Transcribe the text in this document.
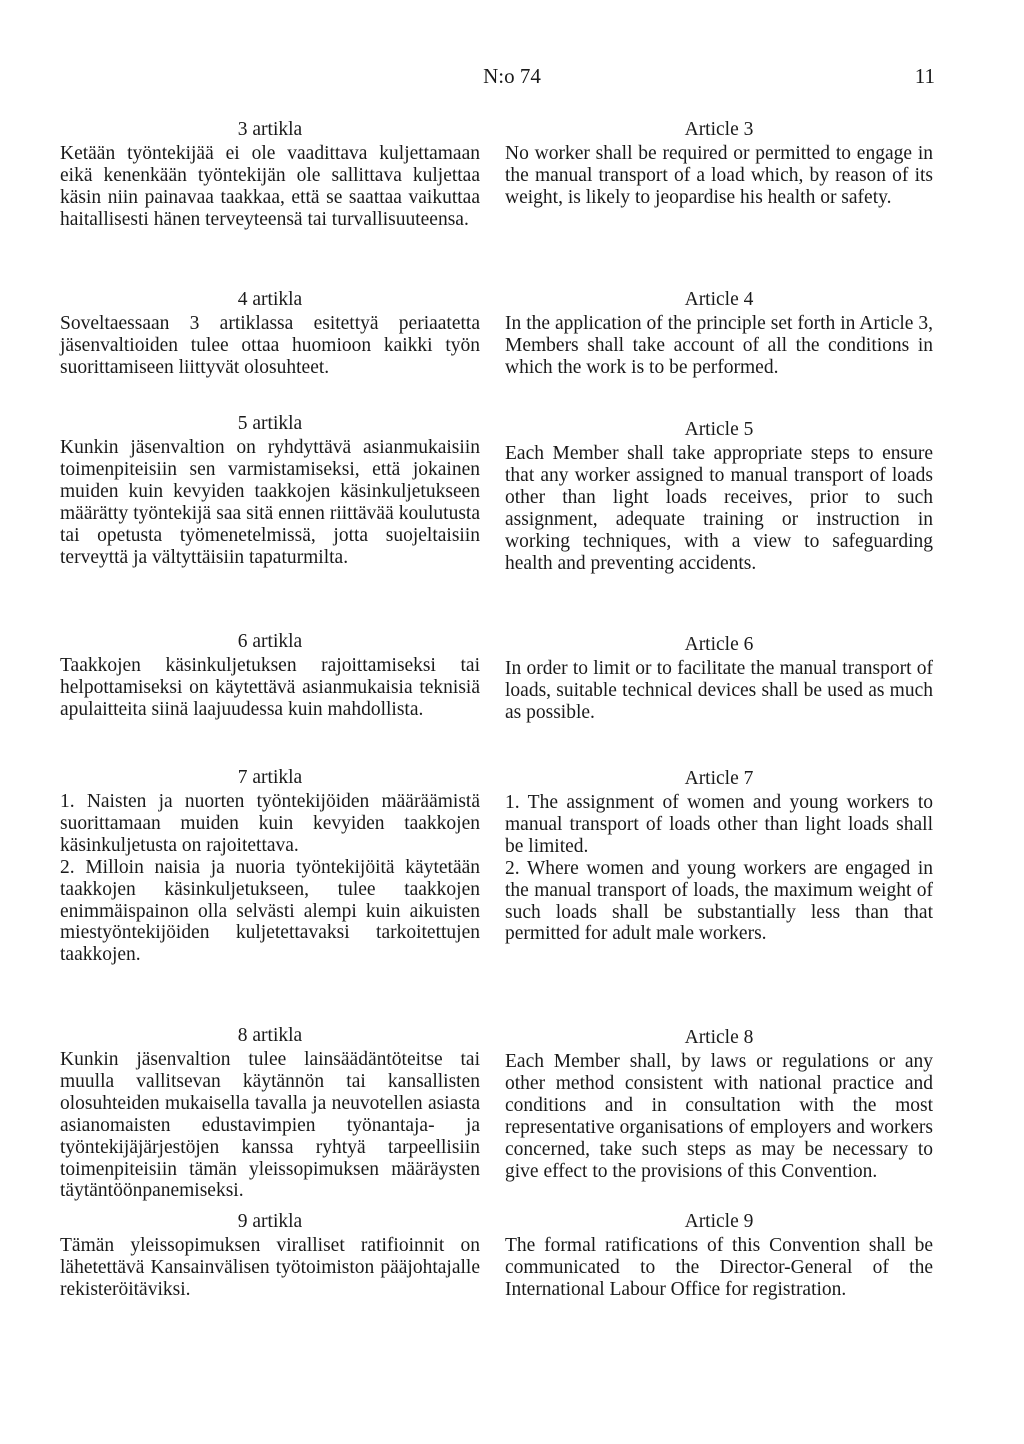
N:o 74	11
3 artikla

Ketään työntekijää ei ole vaadittava kuljettamaan eikä kenenkään työntekijän ole sallittava kuljettaa käsin niin painavaa taakkaa, että se saattaa vaikuttaa haitallisesti hänen terveyteensä tai turvallisuuteensa.

4 artikla

Soveltaessaan 3 artiklassa esitettyä periaatetta jäsenvaltioiden tulee ottaa huomioon kaikki työn suorittamiseen liittyvät olosuhteet.

5 artikla

Kunkin jäsenvaltion on ryhdyttävä asianmukaisiin toimenpiteisiin sen varmistamiseksi, että jokainen muiden kuin kevyiden taakkojen käsinkuljetukseen määrätty työntekijä saa sitä ennen riittävää koulutusta tai opetusta työmenetelmissä, jotta suojeltaisiin terveyttä ja vältyttäisiin tapaturmilta.

6 artikla

Taakkojen käsinkuljetuksen rajoittamiseksi tai helpottamiseksi on käytettävä asianmukaisia teknisiä apulaitteita siinä laajuudessa kuin mahdollista.

7 artikla

1. Naisten ja nuorten työntekijöiden määräämistä suorittamaan muiden kuin kevyiden taakkojen käsinkuljetusta on rajoitettava.

2. Milloin naisia ja nuoria työntekijöitä käytetään taakkojen käsinkuljetukseen, tulee taakkojen enimmäispainon olla selvästi alempi kuin aikuisten miestyöntekijöiden kuljetettavaksi tarkoitettujen taakkojen.

8 artikla

Kunkin jäsenvaltion tulee lainsäädäntöteitse tai muulla vallitsevan käytännön tai kansallisten olosuhteiden mukaisella tavalla ja neuvotellen asiasta asianomaisten edustavimpien työnantaja- ja työntekijäjärjestöjen kanssa ryhtyä tarpeellisiin toimenpiteisiin tämän yleissopimuksen määräysten täytäntöönpanemiseksi.

9 artikla

Tämän yleissopimuksen viralliset ratifioinnit on lähetettävä Kansainvälisen työtoimiston pääjohtajalle rekisteröitäviksi.

Article 3

No worker shall be required or permitted to engage in the manual transport of a load which, by reason of its weight, is likely to jeopardise his health or safety.

Article 4

In the application of the principle set forth in Article 3, Members shall take account of all the conditions in which the work is to be performed.

Article 5

Each Member shall take appropriate steps to ensure that any worker assigned to manual transport of loads other than light loads receives, prior to such assignment, adequate training or instruction in working techniques, with a view to safeguarding health and preventing accidents.

Article 6

In order to limit or to facilitate the manual transport of loads, suitable technical devices shall be used as much as possible.

Article 7

1. The assignment of women and young workers to manual transport of loads other than light loads shall be limited.

2. Where women and young workers are engaged in the manual transport of loads, the maximum weight of such loads shall be substantially less than that permitted for adult male workers.

Article 8

Each Member shall, by laws or regulations or any other method consistent with national practice and conditions and in consultation with the most representative organisations of employers and workers concerned, take such steps as may be necessary to give effect to the provisions of this Convention.

Article 9

The formal ratifications of this Convention shall be communicated to the Director-General of the International Labour Office for registration.
